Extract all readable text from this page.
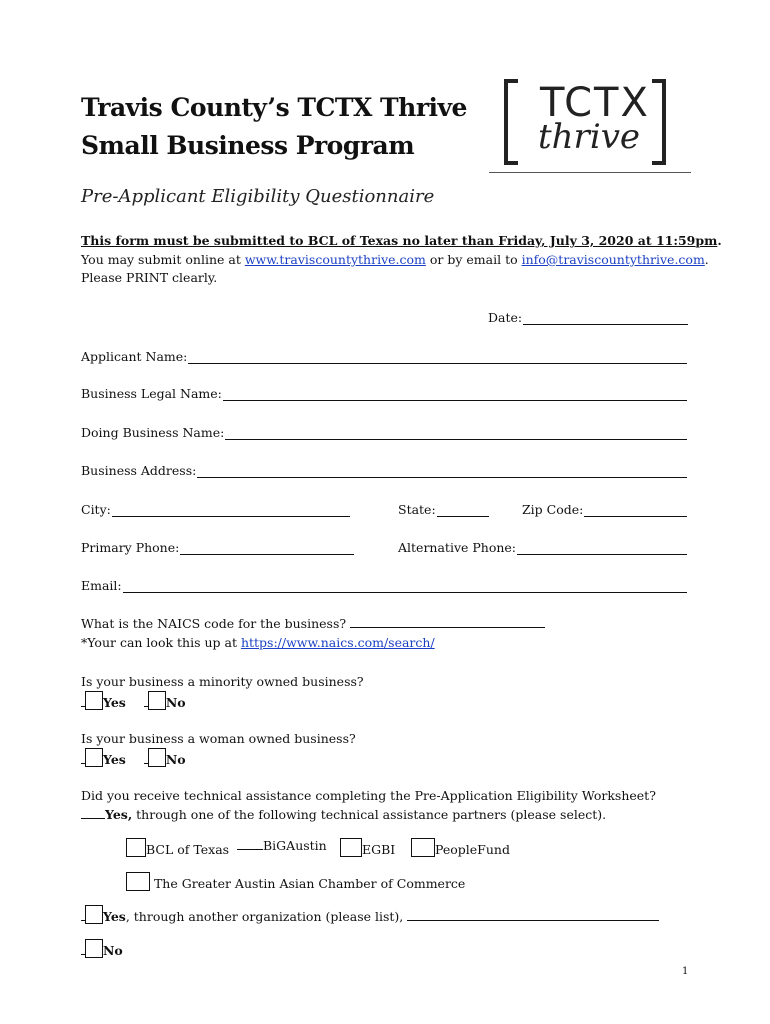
Travis County’s TCTX Thrive
Small Business Program
TCTX
thrive
Pre-Applicant Eligibility Questionnaire
This form must be submitted to BCL of Texas no later than Friday, July 3, 2020 at 11:59pm.
You may submit online at www.traviscountythrive.com or by email to info@traviscountythrive.com.
Please PRINT clearly.
Date:
Applicant Name:
Business Legal Name:
Doing Business Name:
Business Address:
City:	State:	Zip Code:
Primary Phone:	Alternative Phone:
Email:
What is the NAICS code for the business?
*Your can look this up at https://www.naics.com/search/
Is your business a minority owned business?
Yes	No
Is your business a woman owned business?
Yes	No
Did you receive technical assistance completing the Pre-Application Eligibility Worksheet?
Yes, through one of the following technical assistance partners (please select).
BCL of Texas	BiGAustin	EGBI	PeopleFund
The Greater Austin Asian Chamber of Commerce
Yes, through another organization (please list),
No
1
